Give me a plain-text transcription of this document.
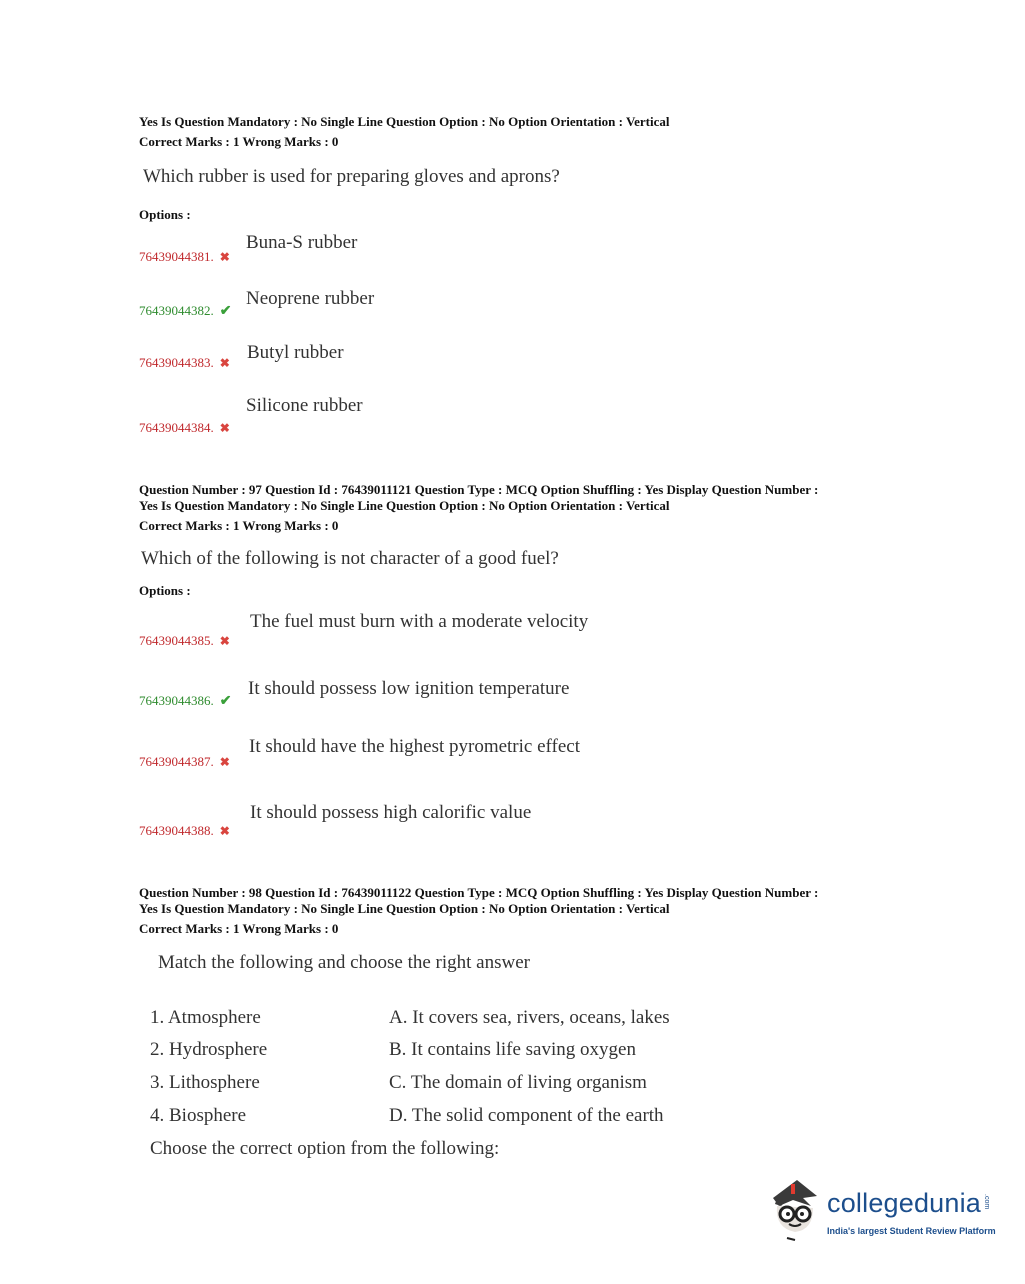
Yes Is Question Mandatory : No Single Line Question Option : No Option Orientation : Vertical
Correct Marks : 1 Wrong Marks : 0
Which rubber is used for preparing gloves and aprons?
Options :
76439044381. ✖
Buna-S rubber
76439044382. ✔
Neoprene rubber
76439044383. ✖ Butyl rubber
76439044384. ✖
Silicone rubber
Question Number : 97 Question Id : 76439011121 Question Type : MCQ Option Shuffling : Yes Display Question Number :
Yes Is Question Mandatory : No Single Line Question Option : No Option Orientation : Vertical
Correct Marks : 1 Wrong Marks : 0
Which of the following is not character of a good fuel?
Options :
76439044385. ✖
The fuel must burn with a moderate velocity
76439044386. ✔
It should possess low ignition temperature
76439044387. ✖
It should have the highest pyrometric effect
76439044388. ✖
It should possess high calorific value
Question Number : 98 Question Id : 76439011122 Question Type : MCQ Option Shuffling : Yes Display Question Number :
Yes Is Question Mandatory : No Single Line Question Option : No Option Orientation : Vertical
Correct Marks : 1 Wrong Marks : 0
Match the following and choose the right answer
1. Atmosphere	A. It covers sea, rivers, oceans, lakes
2. Hydrosphere	B. It contains life saving oxygen
3. Lithosphere	C. The domain of living organism
4. Biosphere	D. The solid component of the earth
Choose the correct option from the following:
collegedunia .com
India's largest Student Review Platform
